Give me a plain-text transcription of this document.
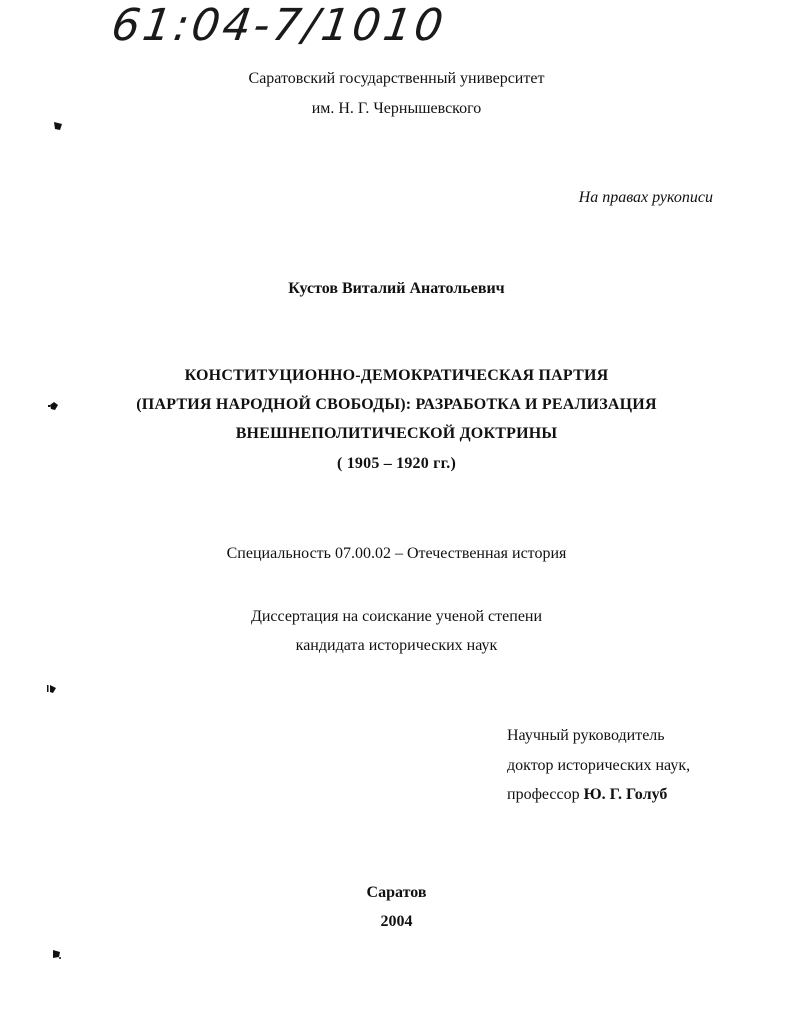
61:04-7/1010
Саратовский государственный университет
им. Н. Г. Чернышевского
На правах рукописи
Кустов Виталий Анатольевич
КОНСТИТУЦИОННО-ДЕМОКРАТИЧЕСКАЯ ПАРТИЯ
(ПАРТИЯ НАРОДНОЙ СВОБОДЫ): РАЗРАБОТКА И РЕАЛИЗАЦИЯ
ВНЕШНЕПОЛИТИЧЕСКОЙ ДОКТРИНЫ
( 1905 – 1920 гг.)
Специальность 07.00.02 – Отечественная история
Диссертация на соискание ученой степени
кандидата исторических наук
Научный руководитель
доктор исторических наук,
профессор Ю. Г. Голуб
Саратов
2004
